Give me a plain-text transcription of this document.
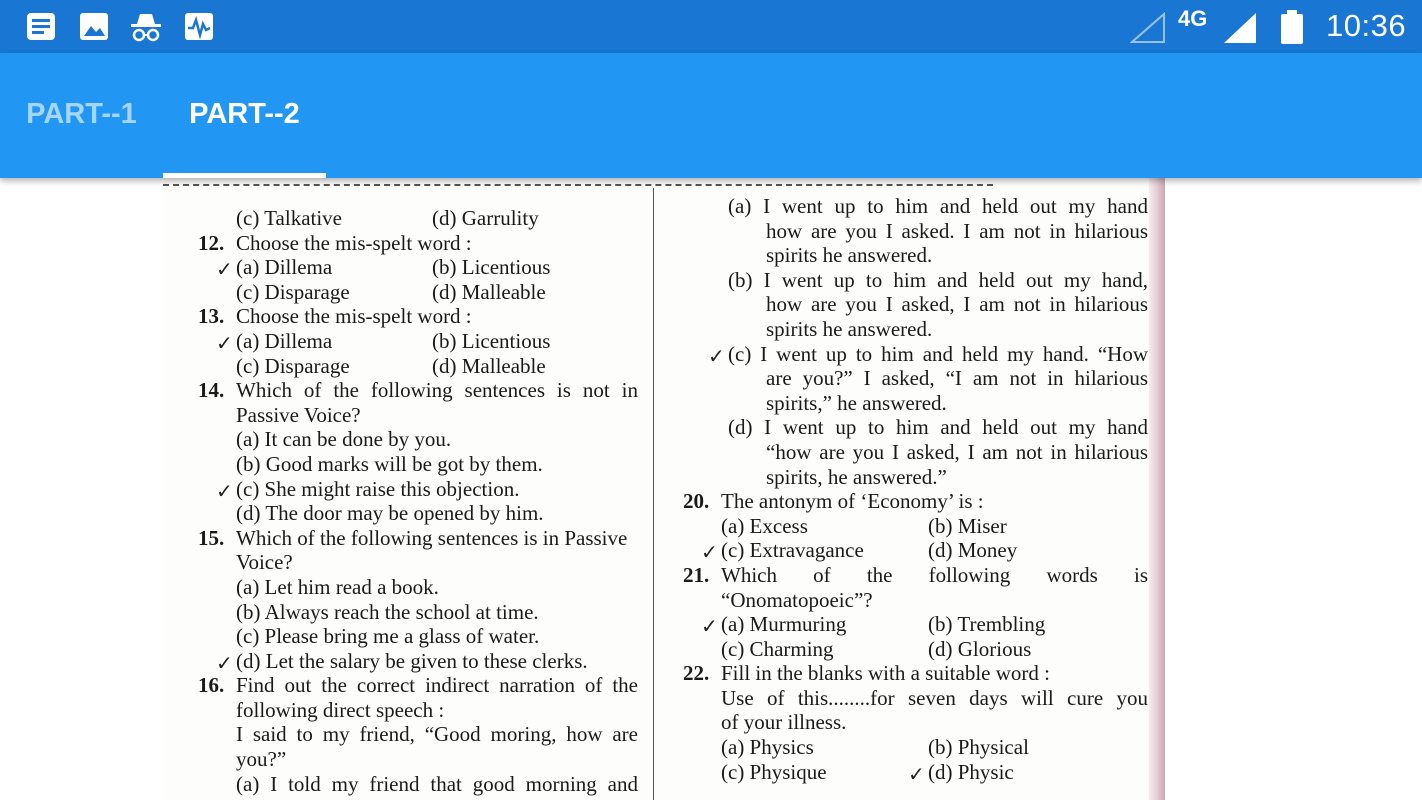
4G	10:36
PART--1	PART--2
(c) Talkative	(d) Garrulity
12. Choose the mis-spelt word :
✓ (a) Dillema	(b) Licentious
(c) Disparage	(d) Malleable
13. Choose the mis-spelt word :
✓ (a) Dillema	(b) Licentious
(c) Disparage	(d) Malleable
14. Which of the following sentences is not in
Passive Voice?
(a) It can be done by you.
(b) Good marks will be got by them.
✓ (c) She might raise this objection.
(d) The door may be opened by him.
15. Which of the following sentences is in Passive
Voice?
(a) Let him read a book.
(b) Always reach the school at time.
(c) Please bring me a glass of water.
✓ (d) Let the salary be given to these clerks.
16. Find out the correct indirect narration of the
following direct speech :
I said to my friend, “Good moring, how are
you?”
(a) I told my friend that good morning and
(a) I went up to him and held out my hand
how are you I asked. I am not in hilarious
spirits he answered.
(b) I went up to him and held out my hand,
how are you I asked, I am not in hilarious
spirits he answered.
✓ (c) I went up to him and held my hand. “How
are you?” I asked, “I am not in hilarious
spirits,” he answered.
(d) I went up to him and held out my hand
“how are you I asked, I am not in hilarious
spirits, he answered.”
20. The antonym of ‘Economy’ is :
(a) Excess	(b) Miser
✓ (c) Extravagance	(d) Money
21. Which of the following words is
“Onomatopoeic”?
✓ (a) Murmuring	(b) Trembling
(c) Charming	(d) Glorious
22. Fill in the blanks with a suitable word :
Use of this........for seven days will cure you
of your illness.
(a) Physics	(b) Physical
(c) Physique	✓ (d) Physic
